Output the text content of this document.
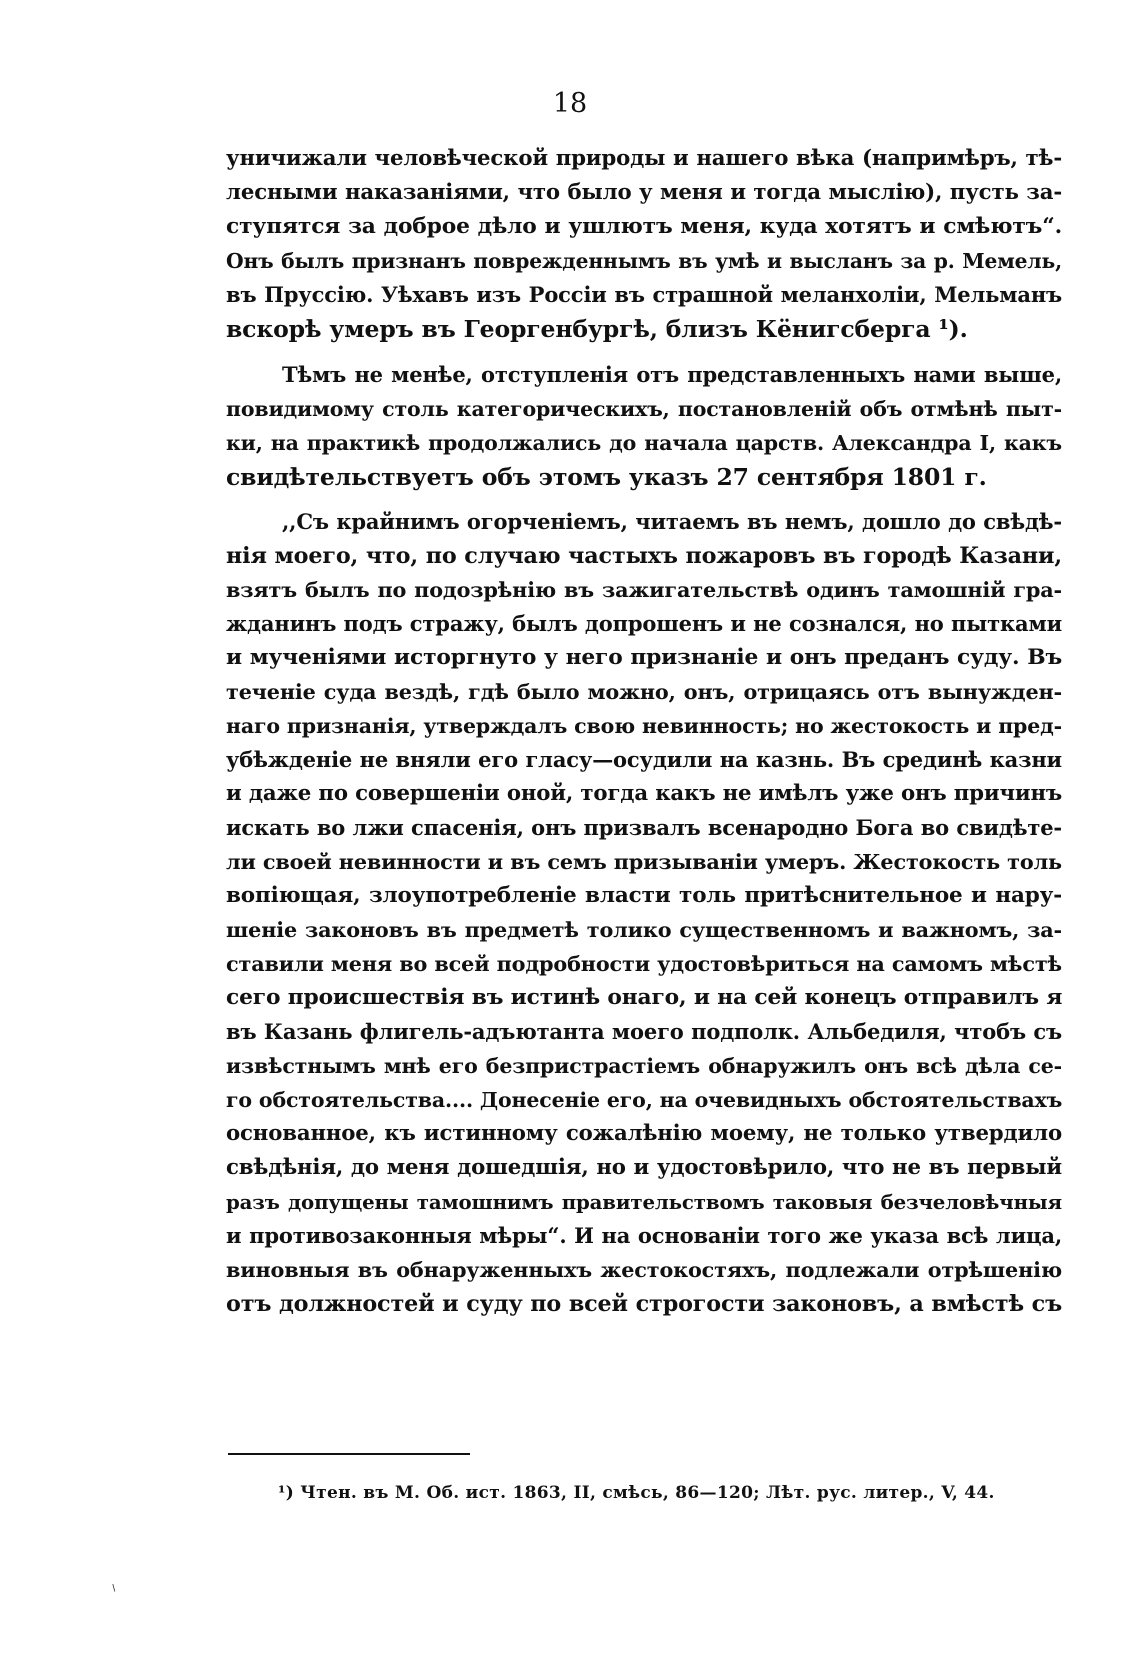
18
уничижали человѣческой природы и нашего вѣка (напримѣръ, тѣ-
лесными наказаніями, что было у меня и тогда мыслію), пусть за-
ступятся за доброе дѣло и ушлютъ меня, куда хотятъ и смѣютъ“.
Онъ былъ признанъ поврежденнымъ въ умѣ и высланъ за р. Мемель,
въ Пруссію. Уѣхавъ изъ Россіи въ страшной меланхоліи, Мельманъ
вскорѣ умеръ въ Георгенбургѣ, близъ Кёнигсберга ¹).
Тѣмъ не менѣе, отступленія отъ представленныхъ нами выше,
повидимому столь категорическихъ, постановленій объ отмѣнѣ пыт-
ки, на практикѣ продолжались до начала царств. Александра I, какъ
свидѣтельствуетъ объ этомъ указъ 27 сентября 1801 г.
,,Съ крайнимъ огорченіемъ, читаемъ въ немъ, дошло до свѣдѣ-
нія моего, что, по случаю частыхъ пожаровъ въ городѣ Казани,
взятъ былъ по подозрѣнію въ зажигательствѣ одинъ тамошній гра-
жданинъ подъ стражу, былъ допрошенъ и не сознался, но пытками
и мученіями исторгнуто у него признаніе и онъ преданъ суду. Въ
теченіе суда вездѣ, гдѣ было можно, онъ, отрицаясь отъ вынужден-
наго признанія, утверждалъ свою невинность; но жестокость и пред-
убѣжденіе не вняли его гласу—осудили на казнь. Въ срединѣ казни
и даже по совершеніи оной, тогда какъ не имѣлъ уже онъ причинъ
искать во лжи спасенія, онъ призвалъ всенародно Бога во свидѣте-
ли своей невинности и въ семъ призываніи умеръ. Жестокость толь
вопіющая, злоупотребленіе власти толь притѣснительное и нару-
шеніе законовъ въ предметѣ толико существенномъ и важномъ, за-
ставили меня во всей подробности удостовѣриться на самомъ мѣстѣ
сего происшествія въ истинѣ онаго, и на сей конецъ отправилъ я
въ Казань флигель-адъютанта моего подполк. Альбедиля, чтобъ съ
извѣстнымъ мнѣ его безпристрастіемъ обнаружилъ онъ всѣ дѣла се-
го обстоятельства.... Донесеніе его, на очевидныхъ обстоятельствахъ
основанное, къ истинному сожалѣнію моему, не только утвердило
свѣдѣнія, до меня дошедшія, но и удостовѣрило, что не въ первый
разъ допущены тамошнимъ правительствомъ таковыя безчеловѣчныя
и противозаконныя мѣры“. И на основаніи того же указа всѣ лица,
виновныя въ обнаруженныхъ жестокостяхъ, подлежали отрѣшенію
отъ должностей и суду по всей строгости законовъ, а вмѣстѣ съ
¹) Чтен. въ М. Об. ист. 1863, II, смѣсь, 86—120; Лѣт. рус. литер., V, 44.
⸜
